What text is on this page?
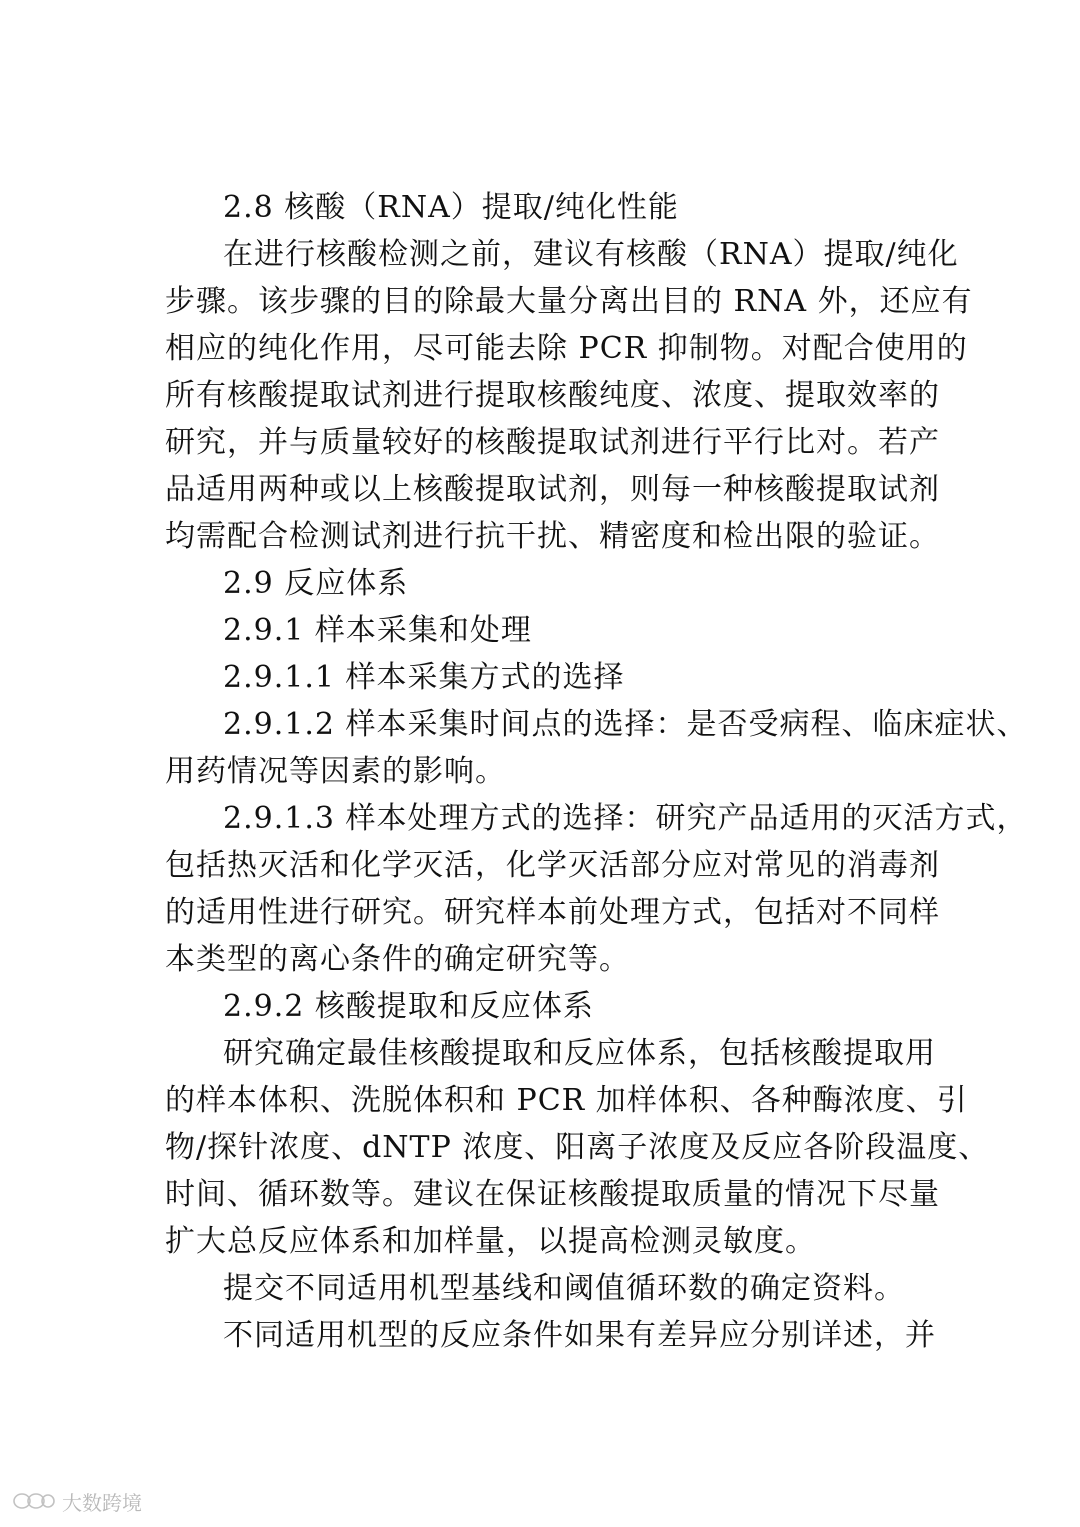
2.8 核酸（RNA）提取/纯化性能
在进行核酸检测之前，建议有核酸（RNA）提取/纯化
步骤。该步骤的目的除最大量分离出目的 RNA 外，还应有
相应的纯化作用，尽可能去除 PCR 抑制物。对配合使用的
所有核酸提取试剂进行提取核酸纯度、浓度、提取效率的
研究，并与质量较好的核酸提取试剂进行平行比对。若产
品适用两种或以上核酸提取试剂，则每一种核酸提取试剂
均需配合检测试剂进行抗干扰、精密度和检出限的验证。
2.9 反应体系
2.9.1 样本采集和处理
2.9.1.1 样本采集方式的选择
2.9.1.2 样本采集时间点的选择：是否受病程、临床症状、
用药情况等因素的影响。
2.9.1.3 样本处理方式的选择：研究产品适用的灭活方式，
包括热灭活和化学灭活，化学灭活部分应对常见的消毒剂
的适用性进行研究。研究样本前处理方式，包括对不同样
本类型的离心条件的确定研究等。
2.9.2 核酸提取和反应体系
研究确定最佳核酸提取和反应体系，包括核酸提取用
的样本体积、洗脱体积和 PCR 加样体积、各种酶浓度、引
物/探针浓度、dNTP 浓度、阳离子浓度及反应各阶段温度、
时间、循环数等。建议在保证核酸提取质量的情况下尽量
扩大总反应体系和加样量，以提高检测灵敏度。
提交不同适用机型基线和阈值循环数的确定资料。
不同适用机型的反应条件如果有差异应分别详述，并
大数跨境
